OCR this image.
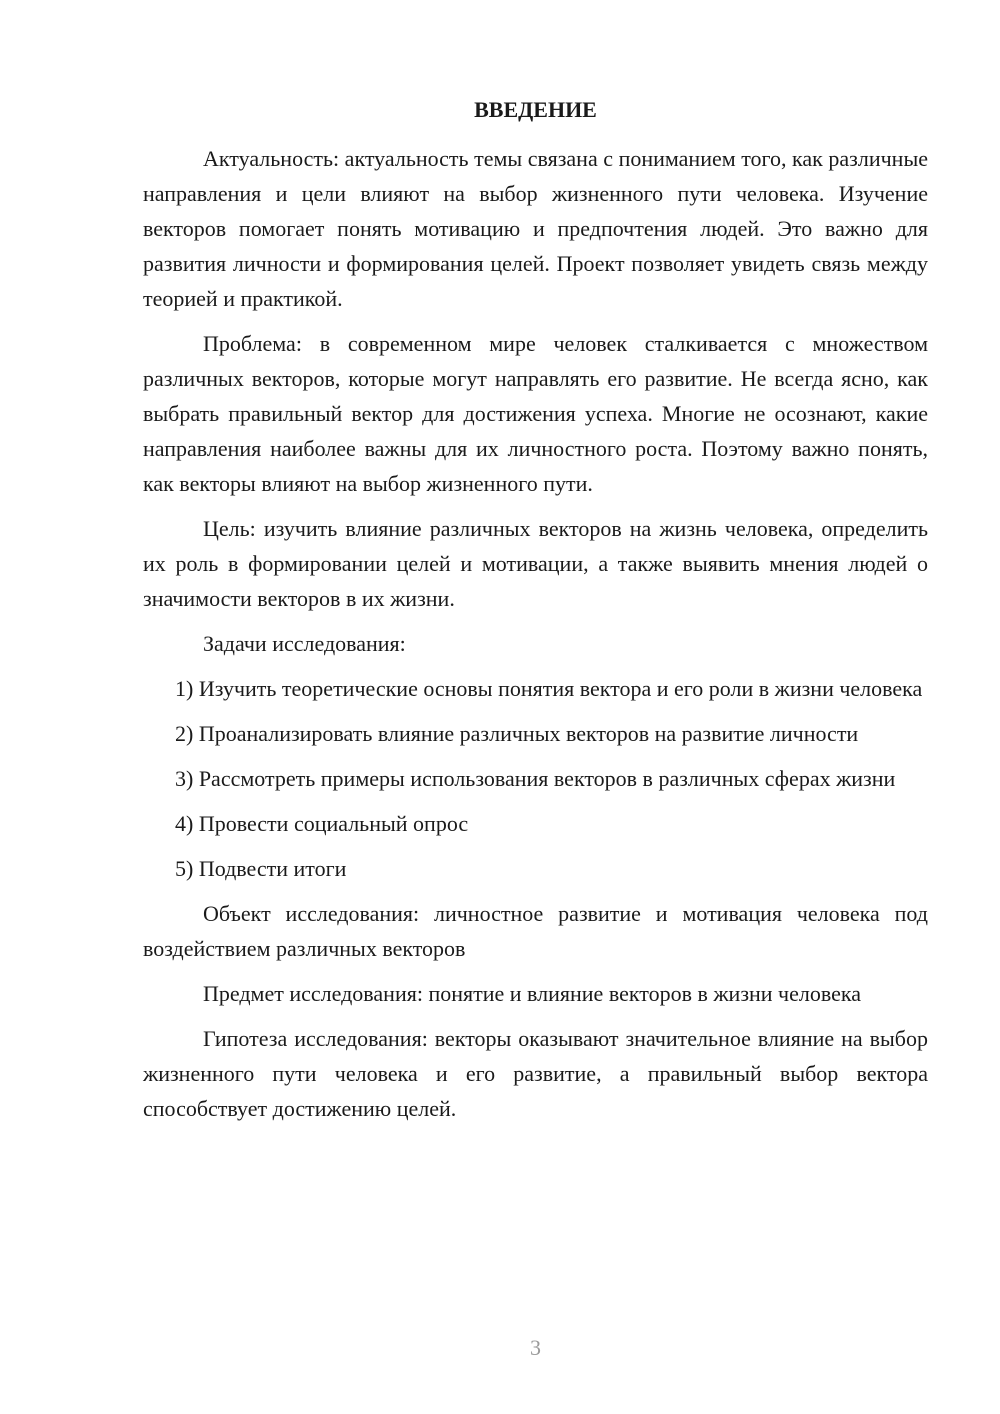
ВВЕДЕНИЕ

Актуальность: актуальность темы связана с пониманием того, как различные направления и цели влияют на выбор жизненного пути человека. Изучение векторов помогает понять мотивацию и предпочтения людей. Это важно для развития личности и формирования целей. Проект позволяет увидеть связь между теорией и практикой.

Проблема: в современном мире человек сталкивается с множеством различных векторов, которые могут направлять его развитие. Не всегда ясно, как выбрать правильный вектор для достижения успеха. Многие не осознают, какие направления наиболее важны для их личностного роста. Поэтому важно понять, как векторы влияют на выбор жизненного пути.

Цель: изучить влияние различных векторов на жизнь человека, определить их роль в формировании целей и мотивации, а также выявить мнения людей о значимости векторов в их жизни.

Задачи исследования:

1) Изучить теоретические основы понятия вектора и его роли в жизни человека

2) Проанализировать влияние различных векторов на развитие личности

3) Рассмотреть примеры использования векторов в различных сферах жизни

4) Провести социальный опрос

5) Подвести итоги

Объект исследования: личностное развитие и мотивация человека под воздействием различных векторов

Предмет исследования: понятие и влияние векторов в жизни человека

Гипотеза исследования: векторы оказывают значительное влияние на выбор жизненного пути человека и его развитие, а правильный выбор вектора способствует достижению целей.

3
